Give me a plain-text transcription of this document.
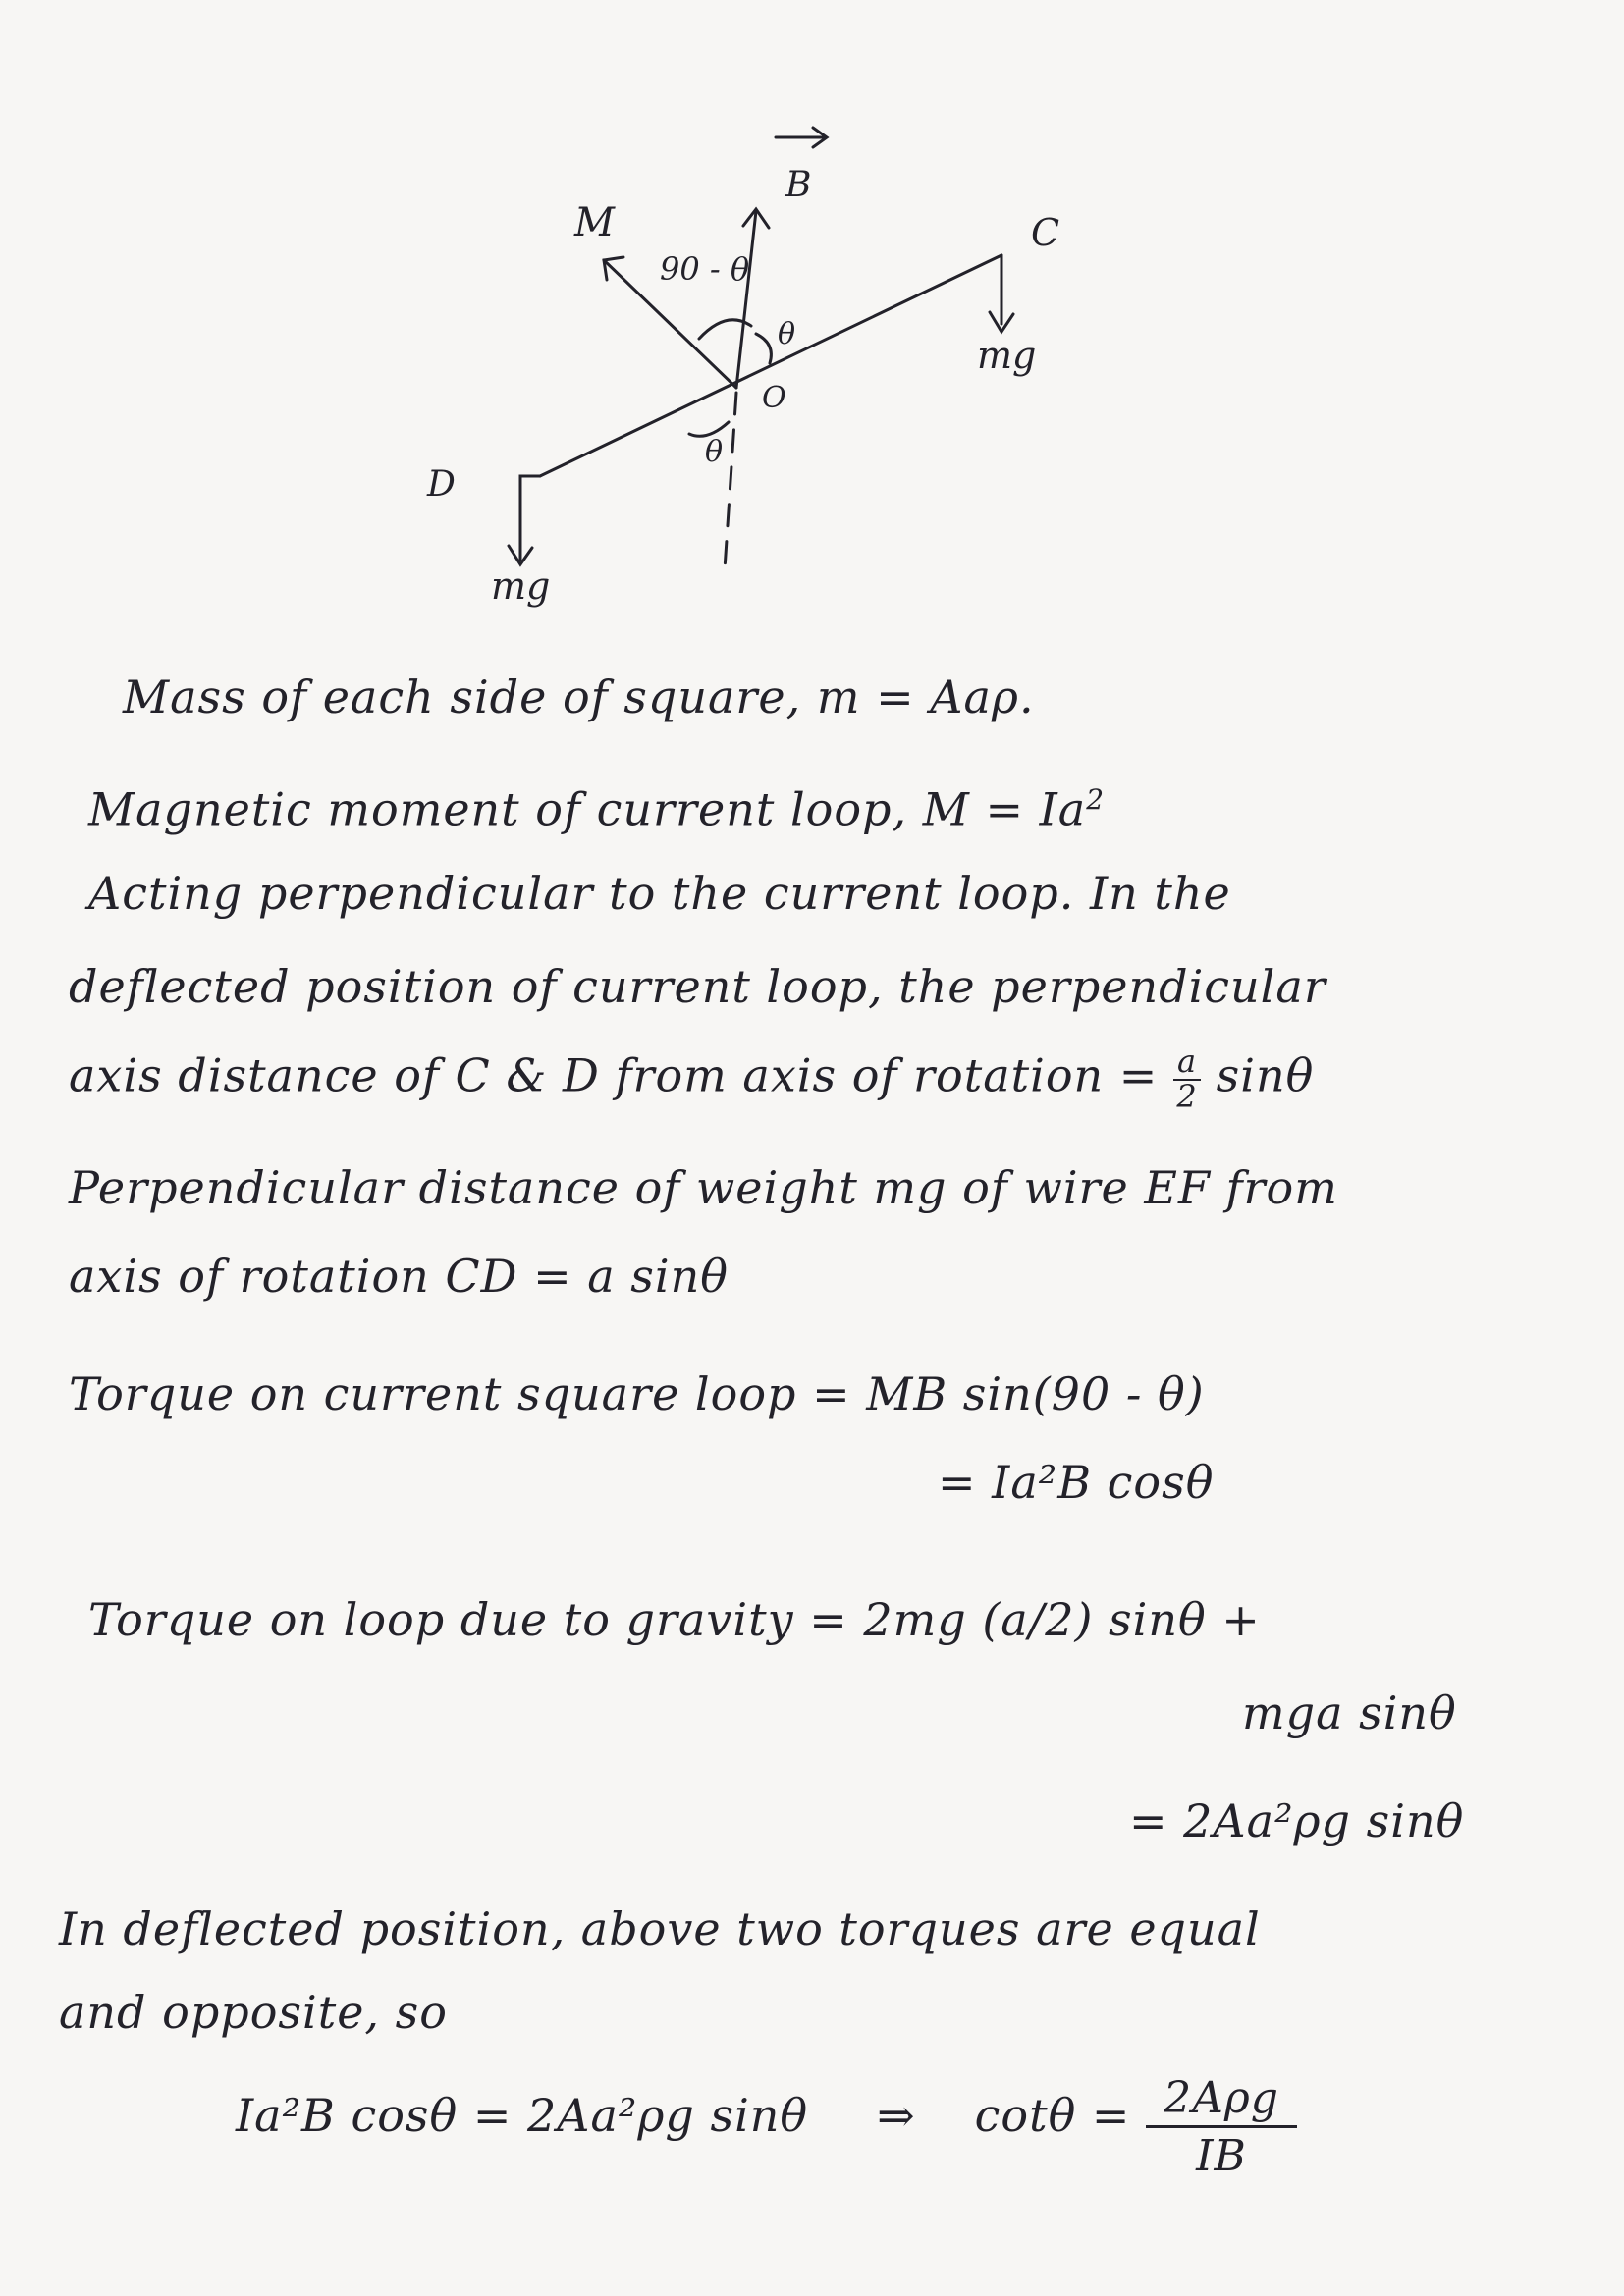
M
B
C
D
O
90 - θ
θ
θ
mg
mg
Mass of each side of square, m = Aaρ.
Magnetic moment of current loop, $M = Ia^2$
Acting perpendicular to the current loop. In the
deflected position of current loop, the perpendicular
axis distance of C & D from axis of rotation = $\frac{a}{2}$ sinθ
Perpendicular distance of weight mg of wire EF from
axis of rotation CD = a sinθ
Torque on current square loop = MB sin(90 - θ)
= Ia²B cosθ
Torque on loop due to gravity = 2mg (a/2) sinθ +
mga sinθ
= 2Aa²ρg sinθ
In deflected position, above two torques are equal
and opposite, so
Ia²B cosθ = 2Aa²ρg sinθ ⇒ $\cot\theta = \frac{\text{2Aρg}}{IB}$
